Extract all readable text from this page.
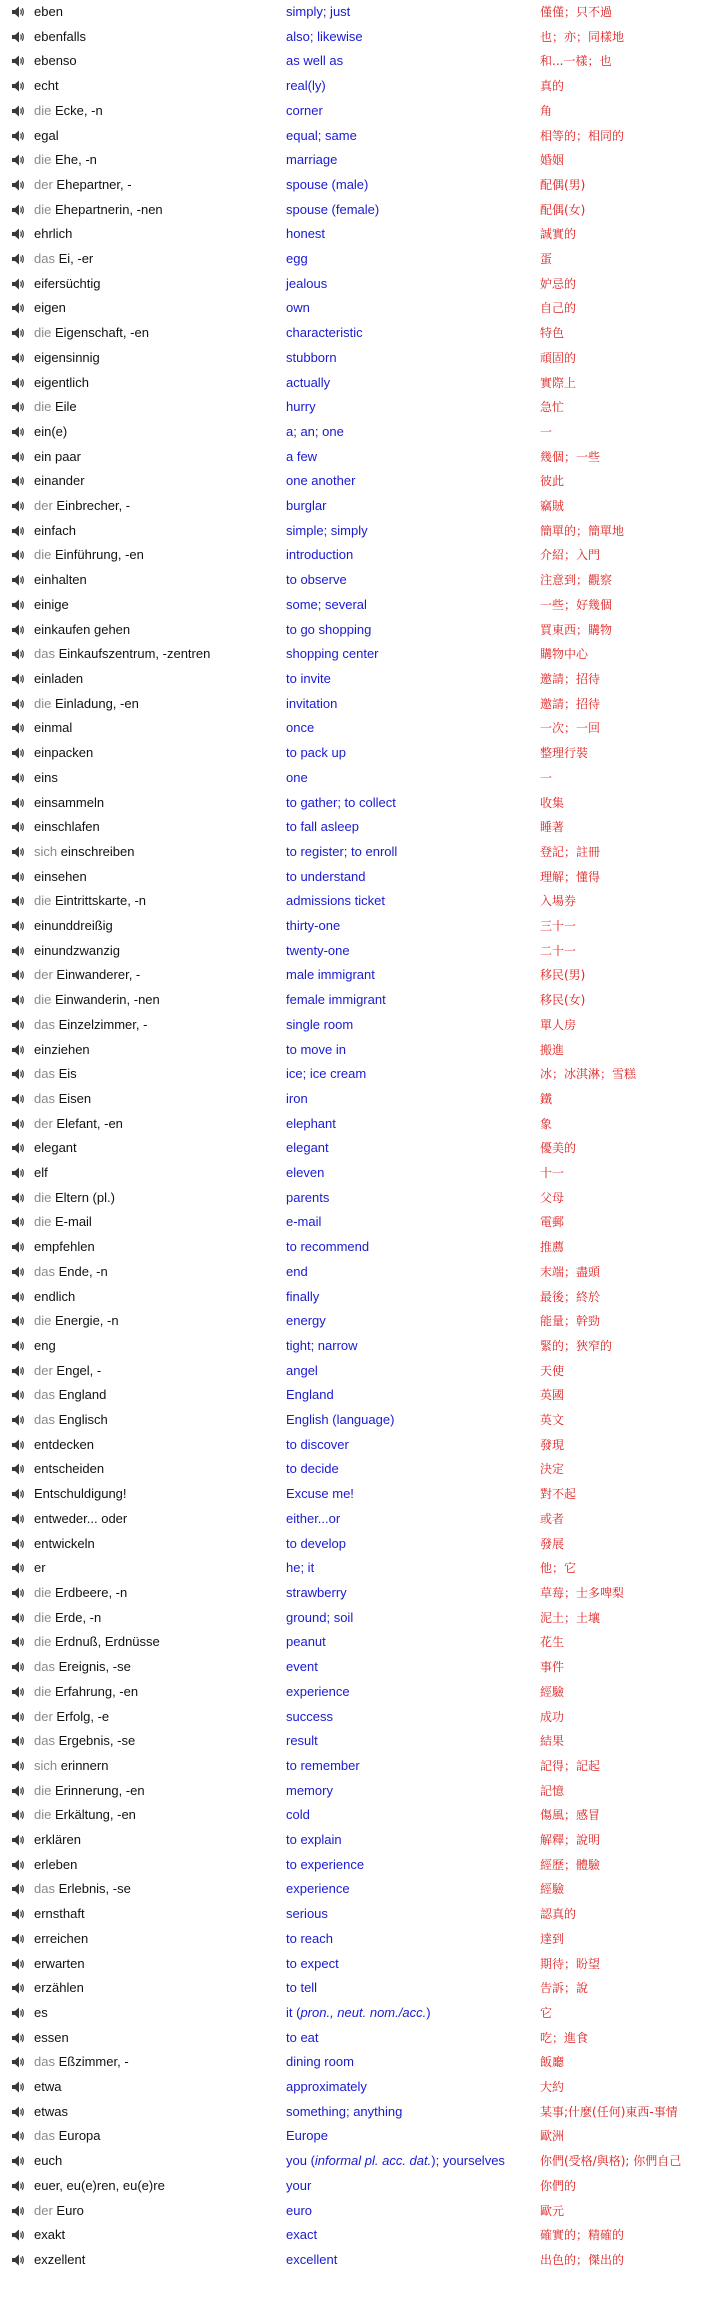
eben	simply; just	僅僅；只不過
ebenfalls	also; likewise	也；亦；同樣地
ebenso	as well as	和...一樣；也
echt	real(ly)	真的
die Ecke, -n	corner	角
egal	equal; same	相等的；相同的
die Ehe, -n	marriage	婚姻
der Ehepartner, -	spouse (male)	配偶(男)
die Ehepartnerin, -nen	spouse (female)	配偶(女)
ehrlich	honest	誠實的
das Ei, -er	egg	蛋
eifersüchtig	jealous	妒忌的
eigen	own	自己的
die Eigenschaft, -en	characteristic	特色
eigensinnig	stubborn	頑固的
eigentlich	actually	實際上
die Eile	hurry	急忙
ein(e)	a; an; one	一
ein paar	a few	幾個；一些
einander	one another	彼此
der Einbrecher, -	burglar	竊賊
einfach	simple; simply	簡單的；簡單地
die Einführung, -en	introduction	介紹；入門
einhalten	to observe	注意到；觀察
einige	some; several	一些；好幾個
einkaufen gehen	to go shopping	買東西；購物
das Einkaufszentrum, -zentren	shopping center	購物中心
einladen	to invite	邀請；招待
die Einladung, -en	invitation	邀請；招待
einmal	once	一次；一回
einpacken	to pack up	整理行裝
eins	one	一
einsammeln	to gather; to collect	收集
einschlafen	to fall asleep	睡著
sich einschreiben	to register; to enroll	登記；註冊
einsehen	to understand	理解；懂得
die Eintrittskarte, -n	admissions ticket	入場券
einunddreißig	thirty-one	三十一
einundzwanzig	twenty-one	二十一
der Einwanderer, -	male immigrant	移民(男)
die Einwanderin, -nen	female immigrant	移民(女)
das Einzelzimmer, -	single room	單人房
einziehen	to move in	搬進
das Eis	ice; ice cream	冰；冰淇淋；雪糕
das Eisen	iron	鐵
der Elefant, -en	elephant	象
elegant	elegant	優美的
elf	eleven	十一
die Eltern (pl.)	parents	父母
die E-mail	e-mail	電郵
empfehlen	to recommend	推薦
das Ende, -n	end	末端；盡頭
endlich	finally	最後；終於
die Energie, -n	energy	能量；幹勁
eng	tight; narrow	緊的；狹窄的
der Engel, -	angel	天使
das England	England	英國
das Englisch	English (language)	英文
entdecken	to discover	發現
entscheiden	to decide	決定
Entschuldigung!	Excuse me!	對不起
entweder... oder	either...or	或者
entwickeln	to develop	發展
er	he; it	他；它
die Erdbeere, -n	strawberry	草莓；士多啤梨
die Erde, -n	ground; soil	泥土；土壤
die Erdnuß, Erdnüsse	peanut	花生
das Ereignis, -se	event	事件
die Erfahrung, -en	experience	經驗
der Erfolg, -e	success	成功
das Ergebnis, -se	result	結果
sich erinnern	to remember	記得；記起
die Erinnerung, -en	memory	記憶
die Erkältung, -en	cold	傷風；感冒
erklären	to explain	解釋；說明
erleben	to experience	經歷；體驗
das Erlebnis, -se	experience	經驗
ernsthaft	serious	認真的
erreichen	to reach	達到
erwarten	to expect	期待；盼望
erzählen	to tell	告訴；說
es	it (pron., neut. nom./acc.)	它
essen	to eat	吃；進食
das Eßzimmer, -	dining room	飯廳
etwa	approximately	大約
etwas	something; anything	某事;什麼(任何)東西-事情
das Europa	Europe	歐洲
euch	you (informal pl. acc. dat.); yourselves	你們(受格/與格); 你們自己
euer, eu(e)ren, eu(e)re	your	你們的
der Euro	euro	歐元
exakt	exact	確實的；精確的
exzellent	excellent	出色的；傑出的
